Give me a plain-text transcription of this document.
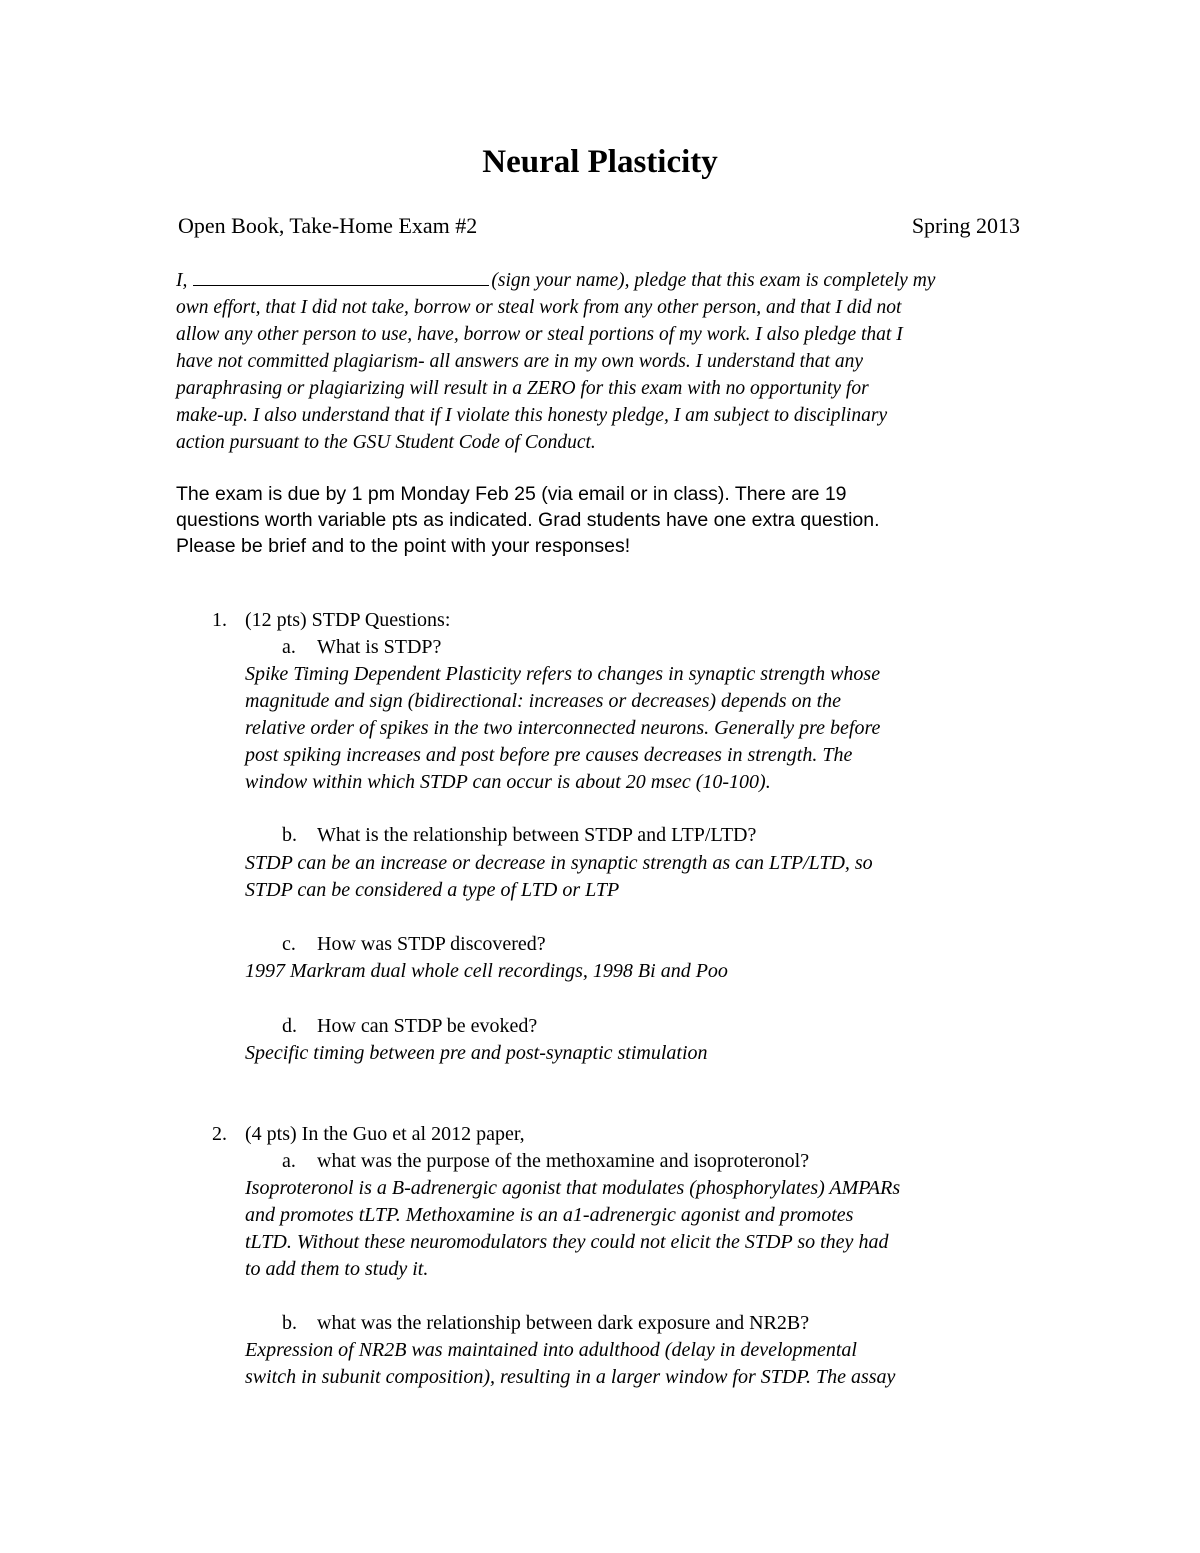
Neural Plasticity
Open Book, Take-Home Exam #2	Spring 2013
I,	(sign your name), pledge that this exam is completely my
own effort, that I did not take, borrow or steal work from any other person, and that I did not
allow any other person to use, have, borrow or steal portions of my work. I also pledge that I
have not committed plagiarism- all answers are in my own words. I understand that any
paraphrasing or plagiarizing will result in a ZERO for this exam with no opportunity for
make-up. I also understand that if I violate this honesty pledge, I am subject to disciplinary
action pursuant to the GSU Student Code of Conduct.
The exam is due by 1 pm Monday Feb 25 (via email or in class). There are 19
questions worth variable pts as indicated. Grad students have one extra question.
Please be brief and to the point with your responses!
1. (12 pts) STDP Questions:
a. What is STDP?
Spike Timing Dependent Plasticity refers to changes in synaptic strength whose
magnitude and sign (bidirectional: increases or decreases) depends on the
relative order of spikes in the two interconnected neurons. Generally pre before
post spiking increases and post before pre causes decreases in strength. The
window within which STDP can occur is about 20 msec (10-100).
b. What is the relationship between STDP and LTP/LTD?
STDP can be an increase or decrease in synaptic strength as can LTP/LTD, so
STDP can be considered a type of LTD or LTP
c. How was STDP discovered?
1997 Markram dual whole cell recordings, 1998 Bi and Poo
d. How can STDP be evoked?
Specific timing between pre and post-synaptic stimulation
2. (4 pts) In the Guo et al 2012 paper,
a. what was the purpose of the methoxamine and isoproteronol?
Isoproteronol is a B-adrenergic agonist that modulates (phosphorylates) AMPARs
and promotes tLTP. Methoxamine is an a1-adrenergic agonist and promotes
tLTD. Without these neuromodulators they could not elicit the STDP so they had
to add them to study it.
b. what was the relationship between dark exposure and NR2B?
Expression of NR2B was maintained into adulthood (delay in developmental
switch in subunit composition), resulting in a larger window for STDP. The assay
